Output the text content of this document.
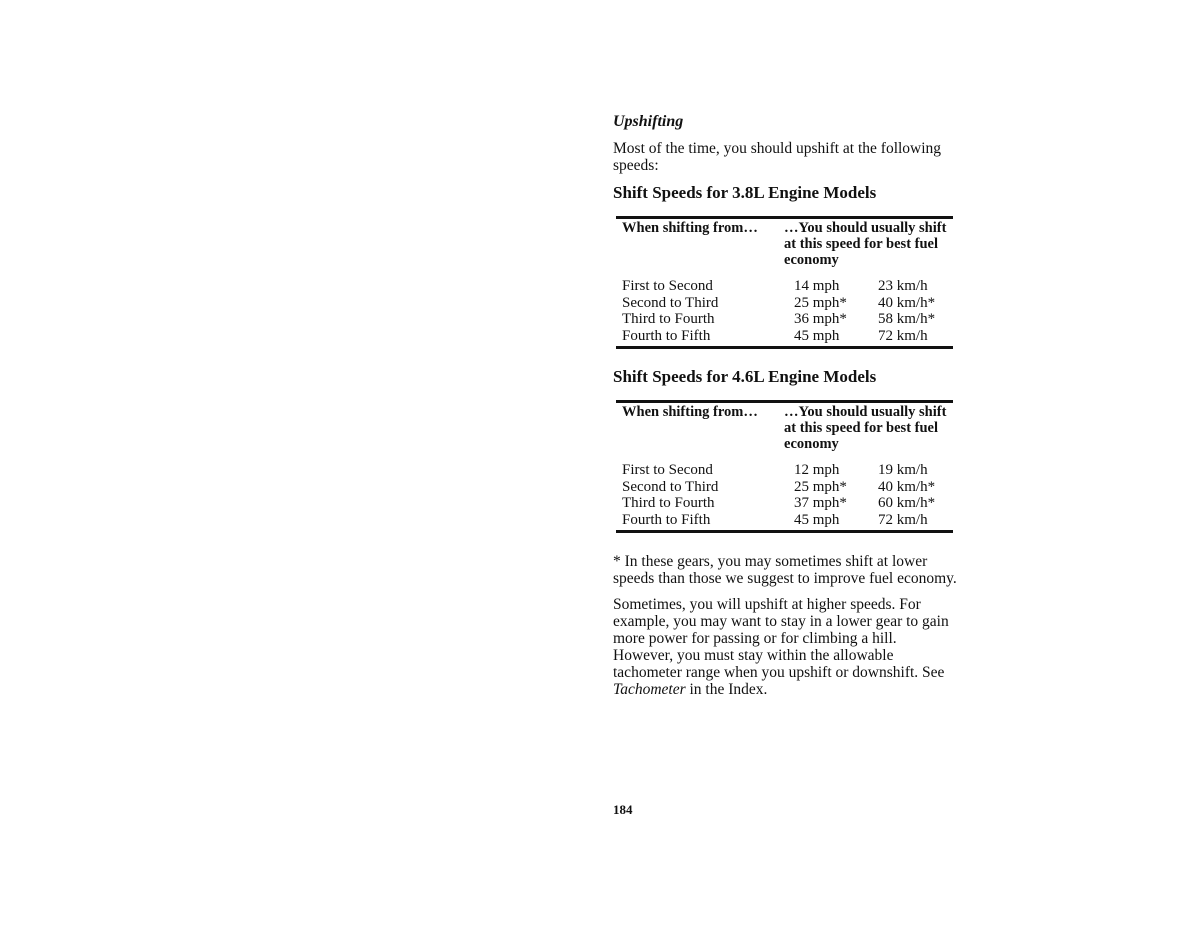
Upshifting

Most of the time, you should upshift at the following speeds:

Shift Speeds for 3.8L Engine Models

When shifting from…	…You should usually shift at this speed for best fuel economy
First to Second	14 mph	23 km/h
Second to Third	25 mph*	40 km/h*
Third to Fourth	36 mph*	58 km/h*
Fourth to Fifth	45 mph	72 km/h

Shift Speeds for 4.6L Engine Models

When shifting from…	…You should usually shift at this speed for best fuel economy
First to Second	12 mph	19 km/h
Second to Third	25 mph*	40 km/h*
Third to Fourth	37 mph*	60 km/h*
Fourth to Fifth	45 mph	72 km/h

* In these gears, you may sometimes shift at lower speeds than those we suggest to improve fuel economy.

Sometimes, you will upshift at higher speeds. For example, you may want to stay in a lower gear to gain more power for passing or for climbing a hill. However, you must stay within the allowable tachometer range when you upshift or downshift. See Tachometer in the Index.

184
